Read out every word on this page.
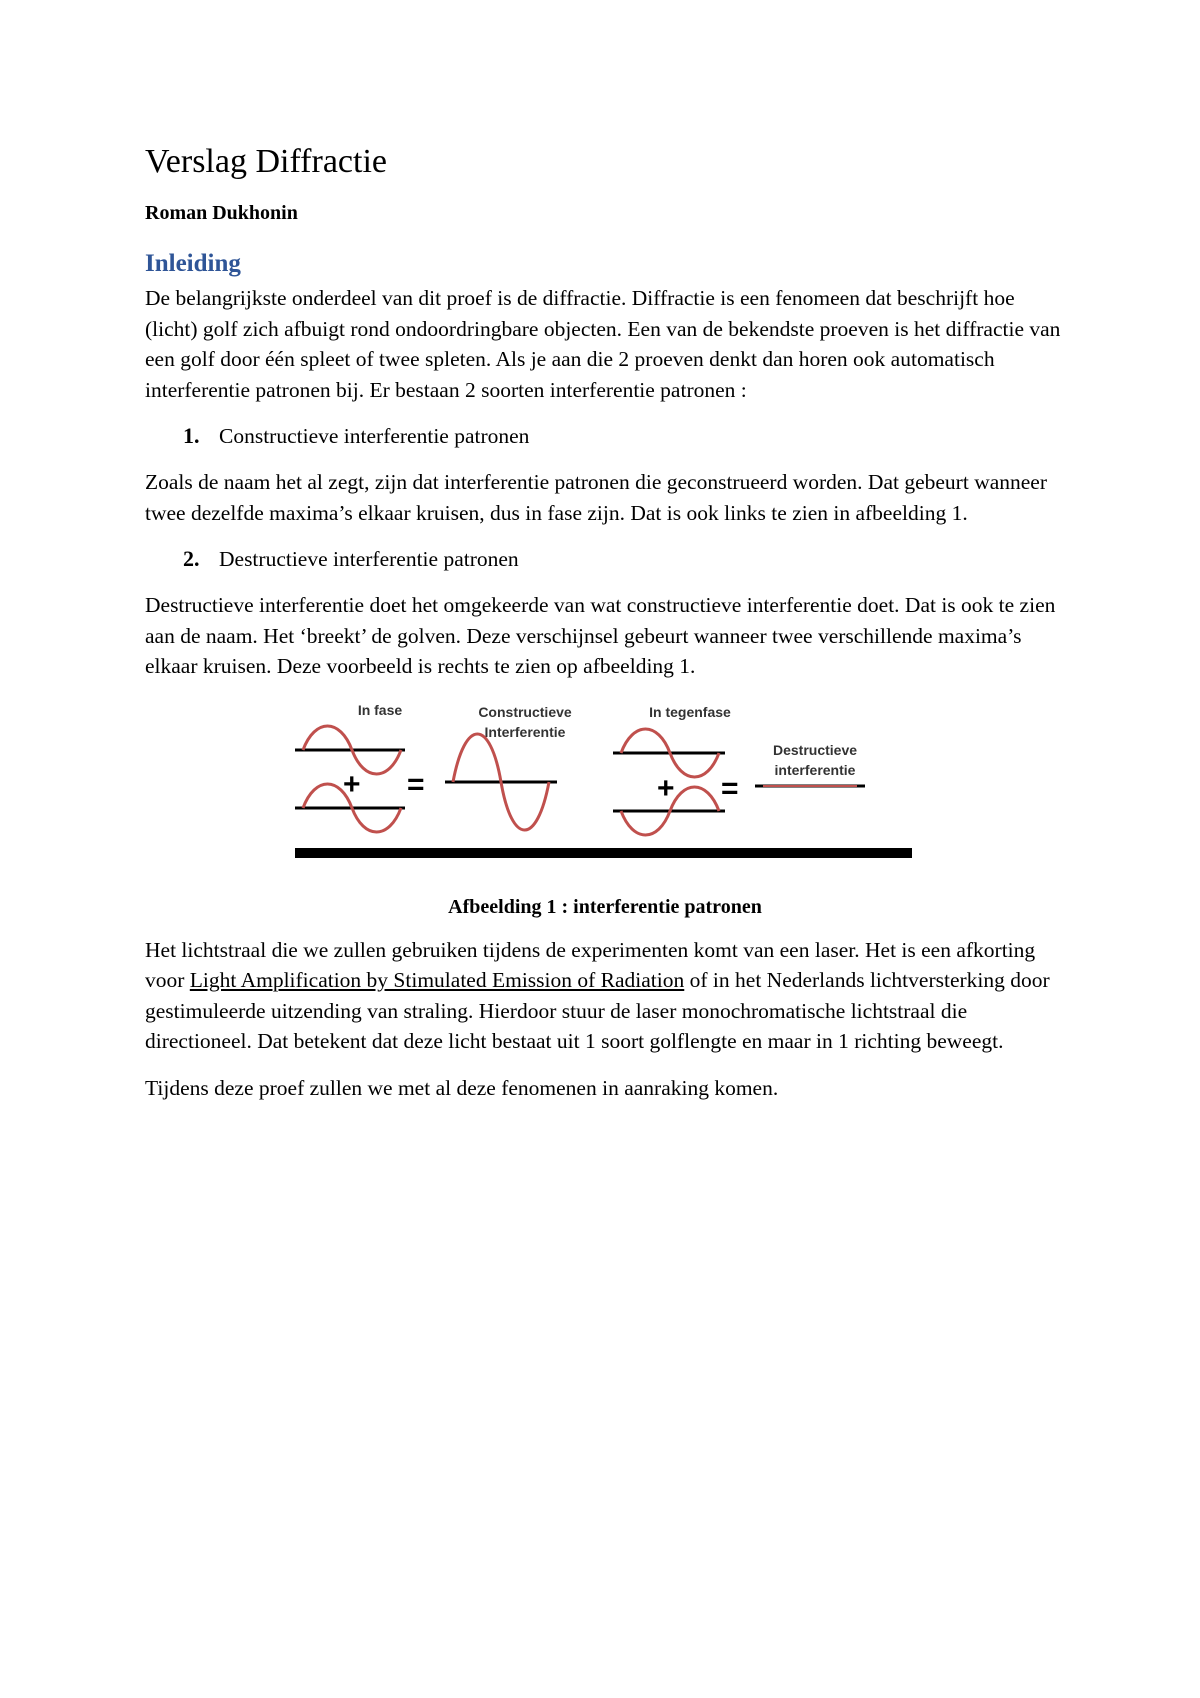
Verslag Diffractie
Roman Dukhonin
Inleiding

De belangrijkste onderdeel van dit proef is de diffractie. Diffractie is een fenomeen dat beschrijft hoe (licht) golf zich afbuigt rond ondoordringbare objecten. Een van de bekendste proeven is het diffractie van een golf door één spleet of twee spleten. Als je aan die 2 proeven denkt dan horen ook automatisch interferentie patronen bij. Er bestaan 2 soorten interferentie patronen :

1. Constructieve interferentie patronen

Zoals de naam het al zegt, zijn dat interferentie patronen die geconstrueerd worden. Dat gebeurt wanneer twee dezelfde maxima’s elkaar kruisen, dus in fase zijn. Dat is ook links te zien in afbeelding 1.

2. Destructieve interferentie patronen

Destructieve interferentie doet het omgekeerde van wat constructieve interferentie doet. Dat is ook te zien aan de naam. Het ‘breekt’ de golven. Deze verschijnsel gebeurt wanneer twee verschillende maxima’s elkaar kruisen. Deze voorbeeld is rechts te zien op afbeelding 1.

In fase	Constructieve
Interferentie
In tegenfase
Destructieve
interferentie
+ =	+ =
Afbeelding 1 : interferentie patronen

Het lichtstraal die we zullen gebruiken tijdens de experimenten komt van een laser. Het is een afkorting voor Light Amplification by Stimulated Emission of Radiation of in het Nederlands lichtversterking door gestimuleerde uitzending van straling. Hierdoor stuur de laser monochromatische lichtstraal die directioneel. Dat betekent dat deze licht bestaat uit 1 soort golflengte en maar in 1 richting beweegt.

Tijdens deze proef zullen we met al deze fenomenen in aanraking komen.
